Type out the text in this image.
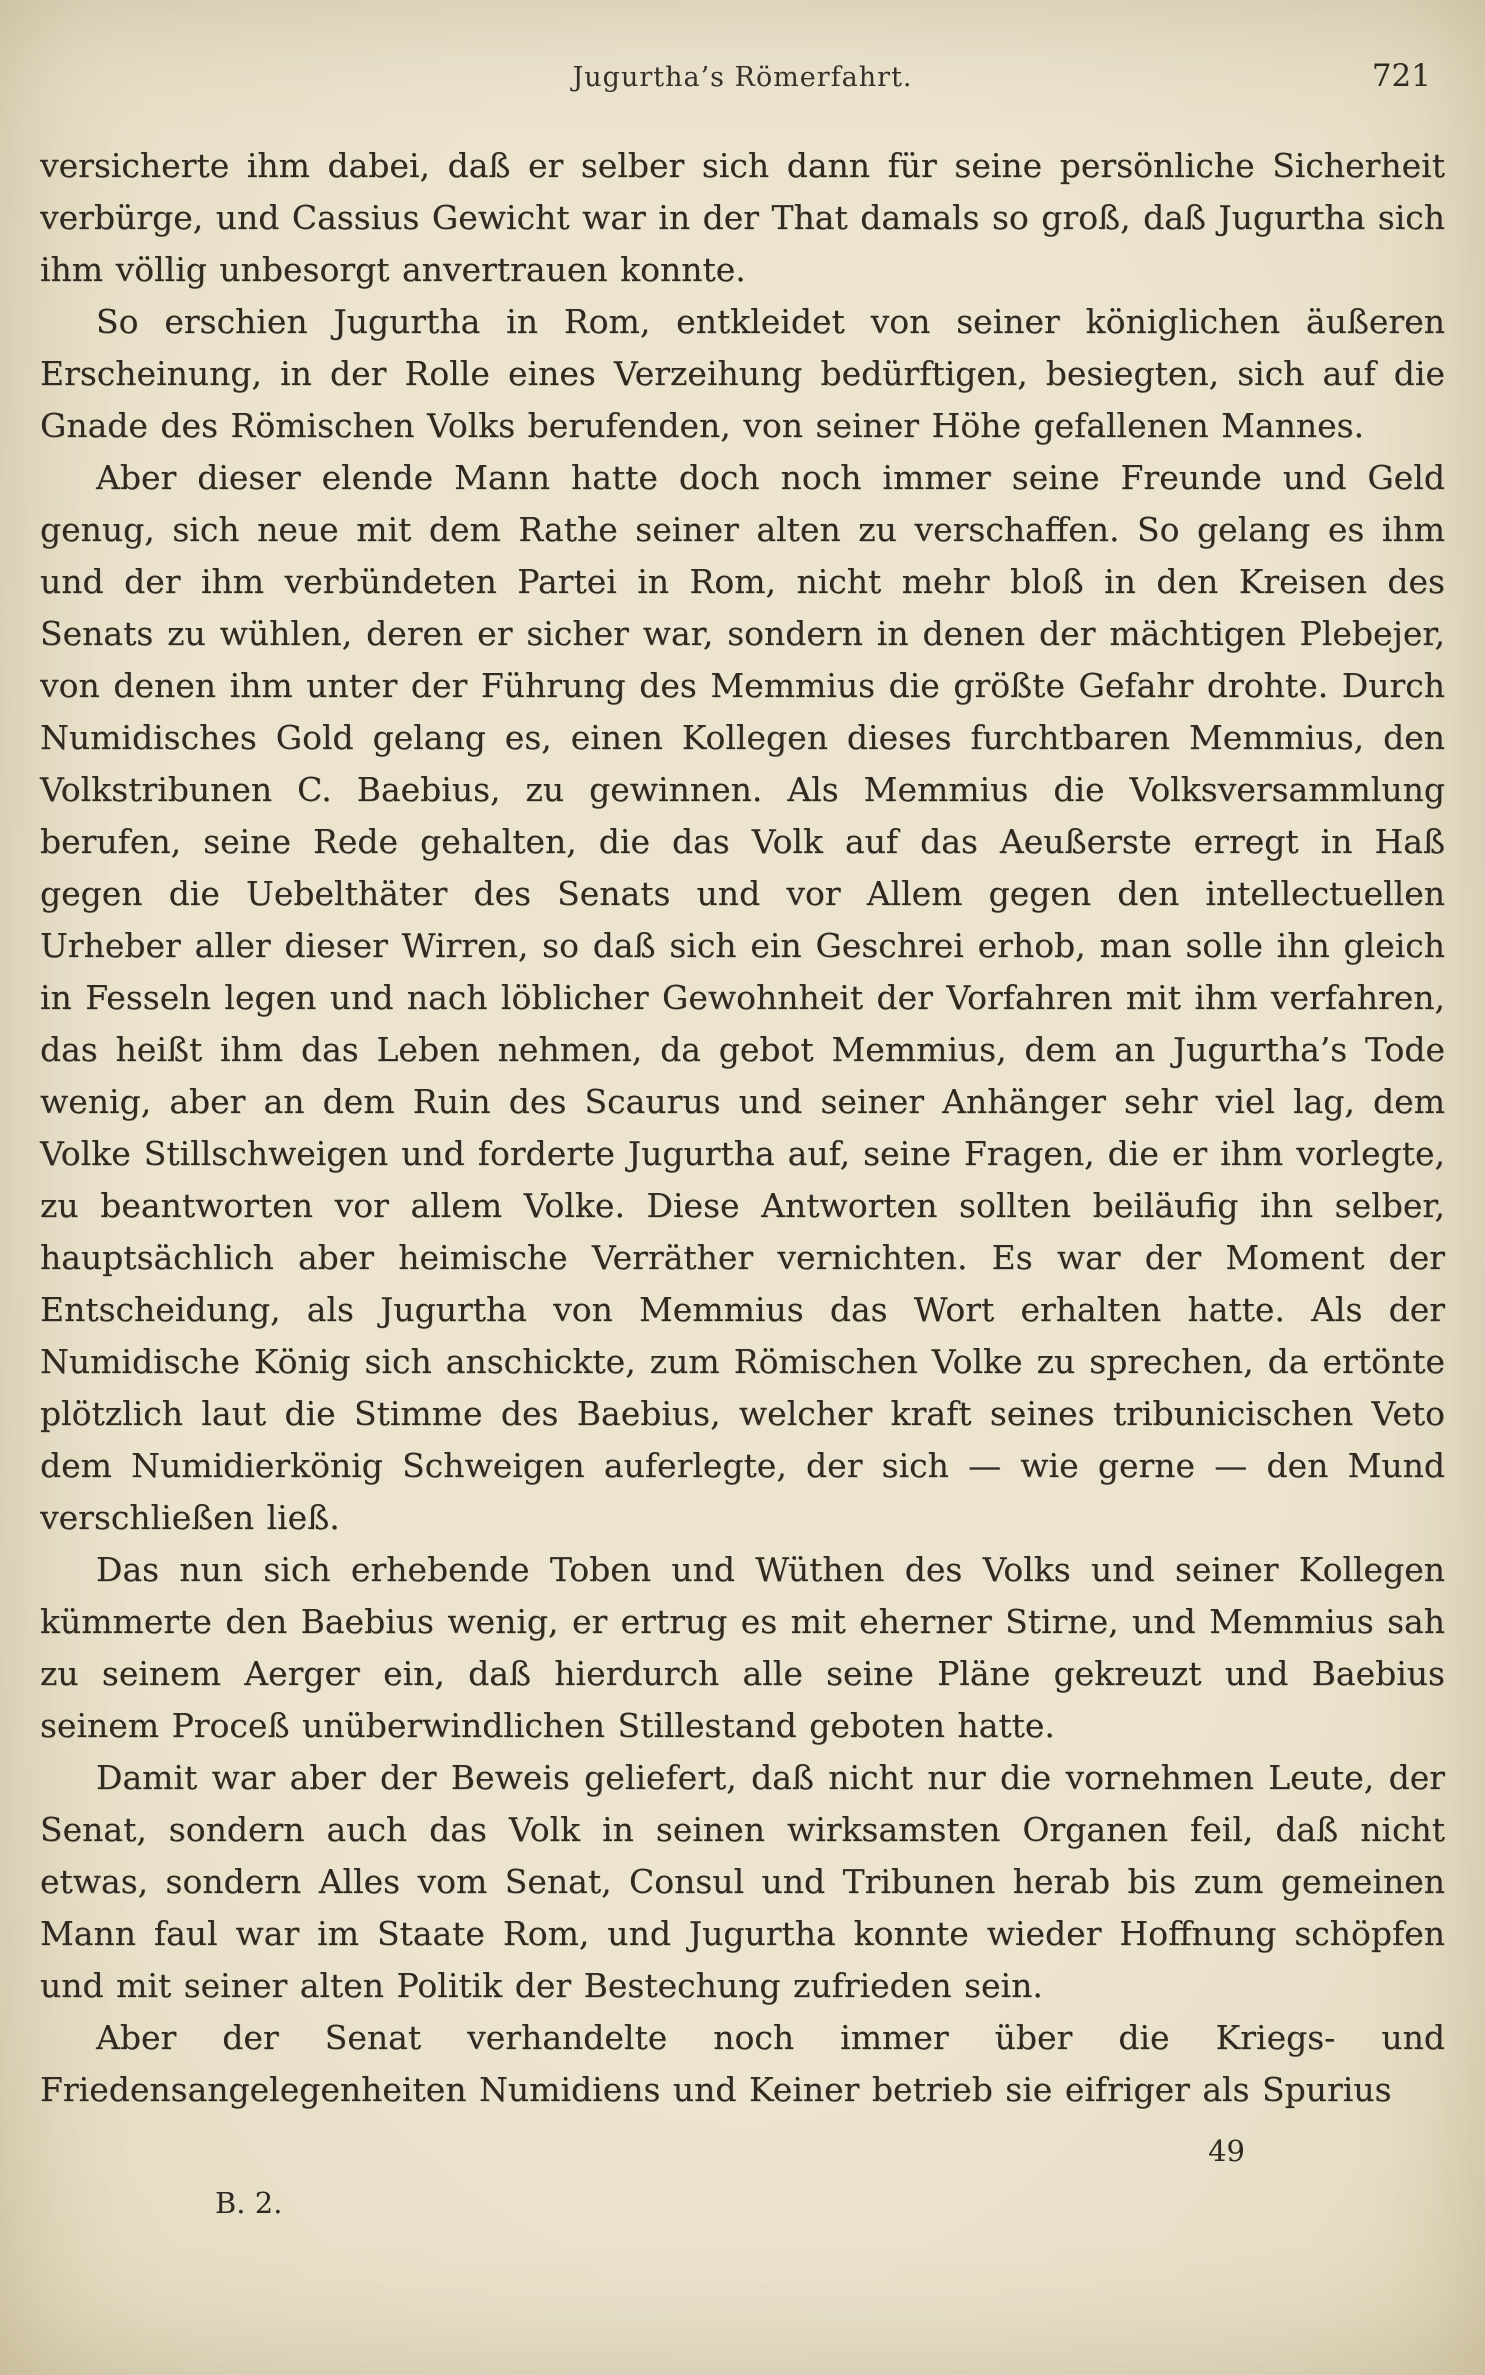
Jugurtha’s Römerfahrt.	721

versicherte ihm dabei, daß er selber sich dann für seine persönliche Sicherheit verbürge, und Cassius Gewicht war in der That damals so groß, daß Jugurtha sich ihm völlig unbesorgt anvertrauen konnte.

So erschien Jugurtha in Rom, entkleidet von seiner königlichen äußeren Erscheinung, in der Rolle eines Verzeihung bedürftigen, besiegten, sich auf die Gnade des Römischen Volks berufenden, von seiner Höhe gefallenen Mannes.

Aber dieser elende Mann hatte doch noch immer seine Freunde und Geld genug, sich neue mit dem Rathe seiner alten zu verschaffen. So gelang es ihm und der ihm verbündeten Partei in Rom, nicht mehr bloß in den Kreisen des Senats zu wühlen, deren er sicher war, sondern in denen der mächtigen Plebejer, von denen ihm unter der Führung des Memmius die größte Gefahr drohte. Durch Numidisches Gold gelang es, einen Kollegen dieses furchtbaren Memmius, den Volkstribunen C. Baebius, zu gewinnen. Als Memmius die Volksversammlung berufen, seine Rede gehalten, die das Volk auf das Aeußerste erregt in Haß gegen die Uebelthäter des Senats und vor Allem gegen den intellectuellen Urheber aller dieser Wirren, so daß sich ein Geschrei erhob, man solle ihn gleich in Fesseln legen und nach löblicher Gewohnheit der Vorfahren mit ihm verfahren, das heißt ihm das Leben nehmen, da gebot Memmius, dem an Jugurtha’s Tode wenig, aber an dem Ruin des Scaurus und seiner Anhänger sehr viel lag, dem Volke Stillschweigen und forderte Jugurtha auf, seine Fragen, die er ihm vorlegte, zu beantworten vor allem Volke. Diese Antworten sollten beiläufig ihn selber, hauptsächlich aber heimische Verräther vernichten. Es war der Moment der Entscheidung, als Jugurtha von Memmius das Wort erhalten hatte. Als der Numidische König sich anschickte, zum Römischen Volke zu sprechen, da ertönte plötzlich laut die Stimme des Baebius, welcher kraft seines tribunicischen Veto dem Numidierkönig Schweigen auferlegte, der sich — wie gerne — den Mund verschließen ließ.

Das nun sich erhebende Toben und Wüthen des Volks und seiner Kollegen kümmerte den Baebius wenig, er ertrug es mit eherner Stirne, und Memmius sah zu seinem Aerger ein, daß hierdurch alle seine Pläne gekreuzt und Baebius seinem Proceß unüberwindlichen Stillestand geboten hatte.

Damit war aber der Beweis geliefert, daß nicht nur die vornehmen Leute, der Senat, sondern auch das Volk in seinen wirksamsten Organen feil, daß nicht etwas, sondern Alles vom Senat, Consul und Tribunen herab bis zum gemeinen Mann faul war im Staate Rom, und Jugurtha konnte wieder Hoffnung schöpfen und mit seiner alten Politik der Bestechung zufrieden sein.

Aber der Senat verhandelte noch immer über die Kriegs- und Friedensangelegenheiten Numidiens und Keiner betrieb sie eifriger als Spurius

49
B. 2.
